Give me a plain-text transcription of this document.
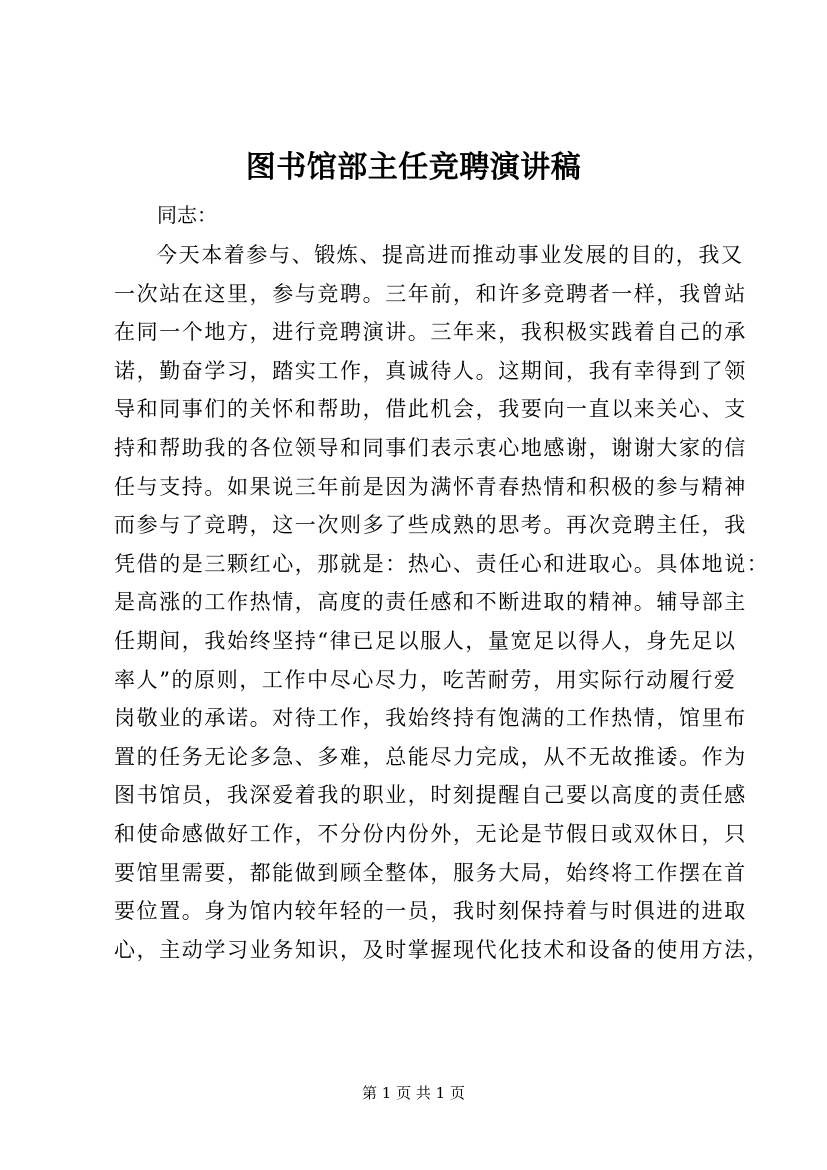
图书馆部主任竞聘演讲稿
同志：
今天本着参与、锻炼、提高进而推动事业发展的目的，我又
一次站在这里，参与竞聘。三年前，和许多竞聘者一样，我曾站
在同一个地方，进行竞聘演讲。三年来，我积极实践着自己的承
诺，勤奋学习，踏实工作，真诚待人。这期间，我有幸得到了领
导和同事们的关怀和帮助，借此机会，我要向一直以来关心、支
持和帮助我的各位领导和同事们表示衷心地感谢，谢谢大家的信
任与支持。如果说三年前是因为满怀青春热情和积极的参与精神
而参与了竞聘，这一次则多了些成熟的思考。再次竞聘主任，我
凭借的是三颗红心，那就是：热心、责任心和进取心。具体地说：
是高涨的工作热情，高度的责任感和不断进取的精神。辅导部主
任期间，我始终坚持“律已足以服人，量宽足以得人，身先足以
率人”的原则，工作中尽心尽力，吃苦耐劳，用实际行动履行爱
岗敬业的承诺。对待工作，我始终持有饱满的工作热情，馆里布
置的任务无论多急、多难，总能尽力完成，从不无故推诿。作为
图书馆员，我深爱着我的职业，时刻提醒自己要以高度的责任感
和使命感做好工作，不分份内份外，无论是节假日或双休日，只
要馆里需要，都能做到顾全整体，服务大局，始终将工作摆在首
要位置。身为馆内较年轻的一员，我时刻保持着与时俱进的进取
心，主动学习业务知识，及时掌握现代化技术和设备的使用方法，
第 1 页 共 1 页
